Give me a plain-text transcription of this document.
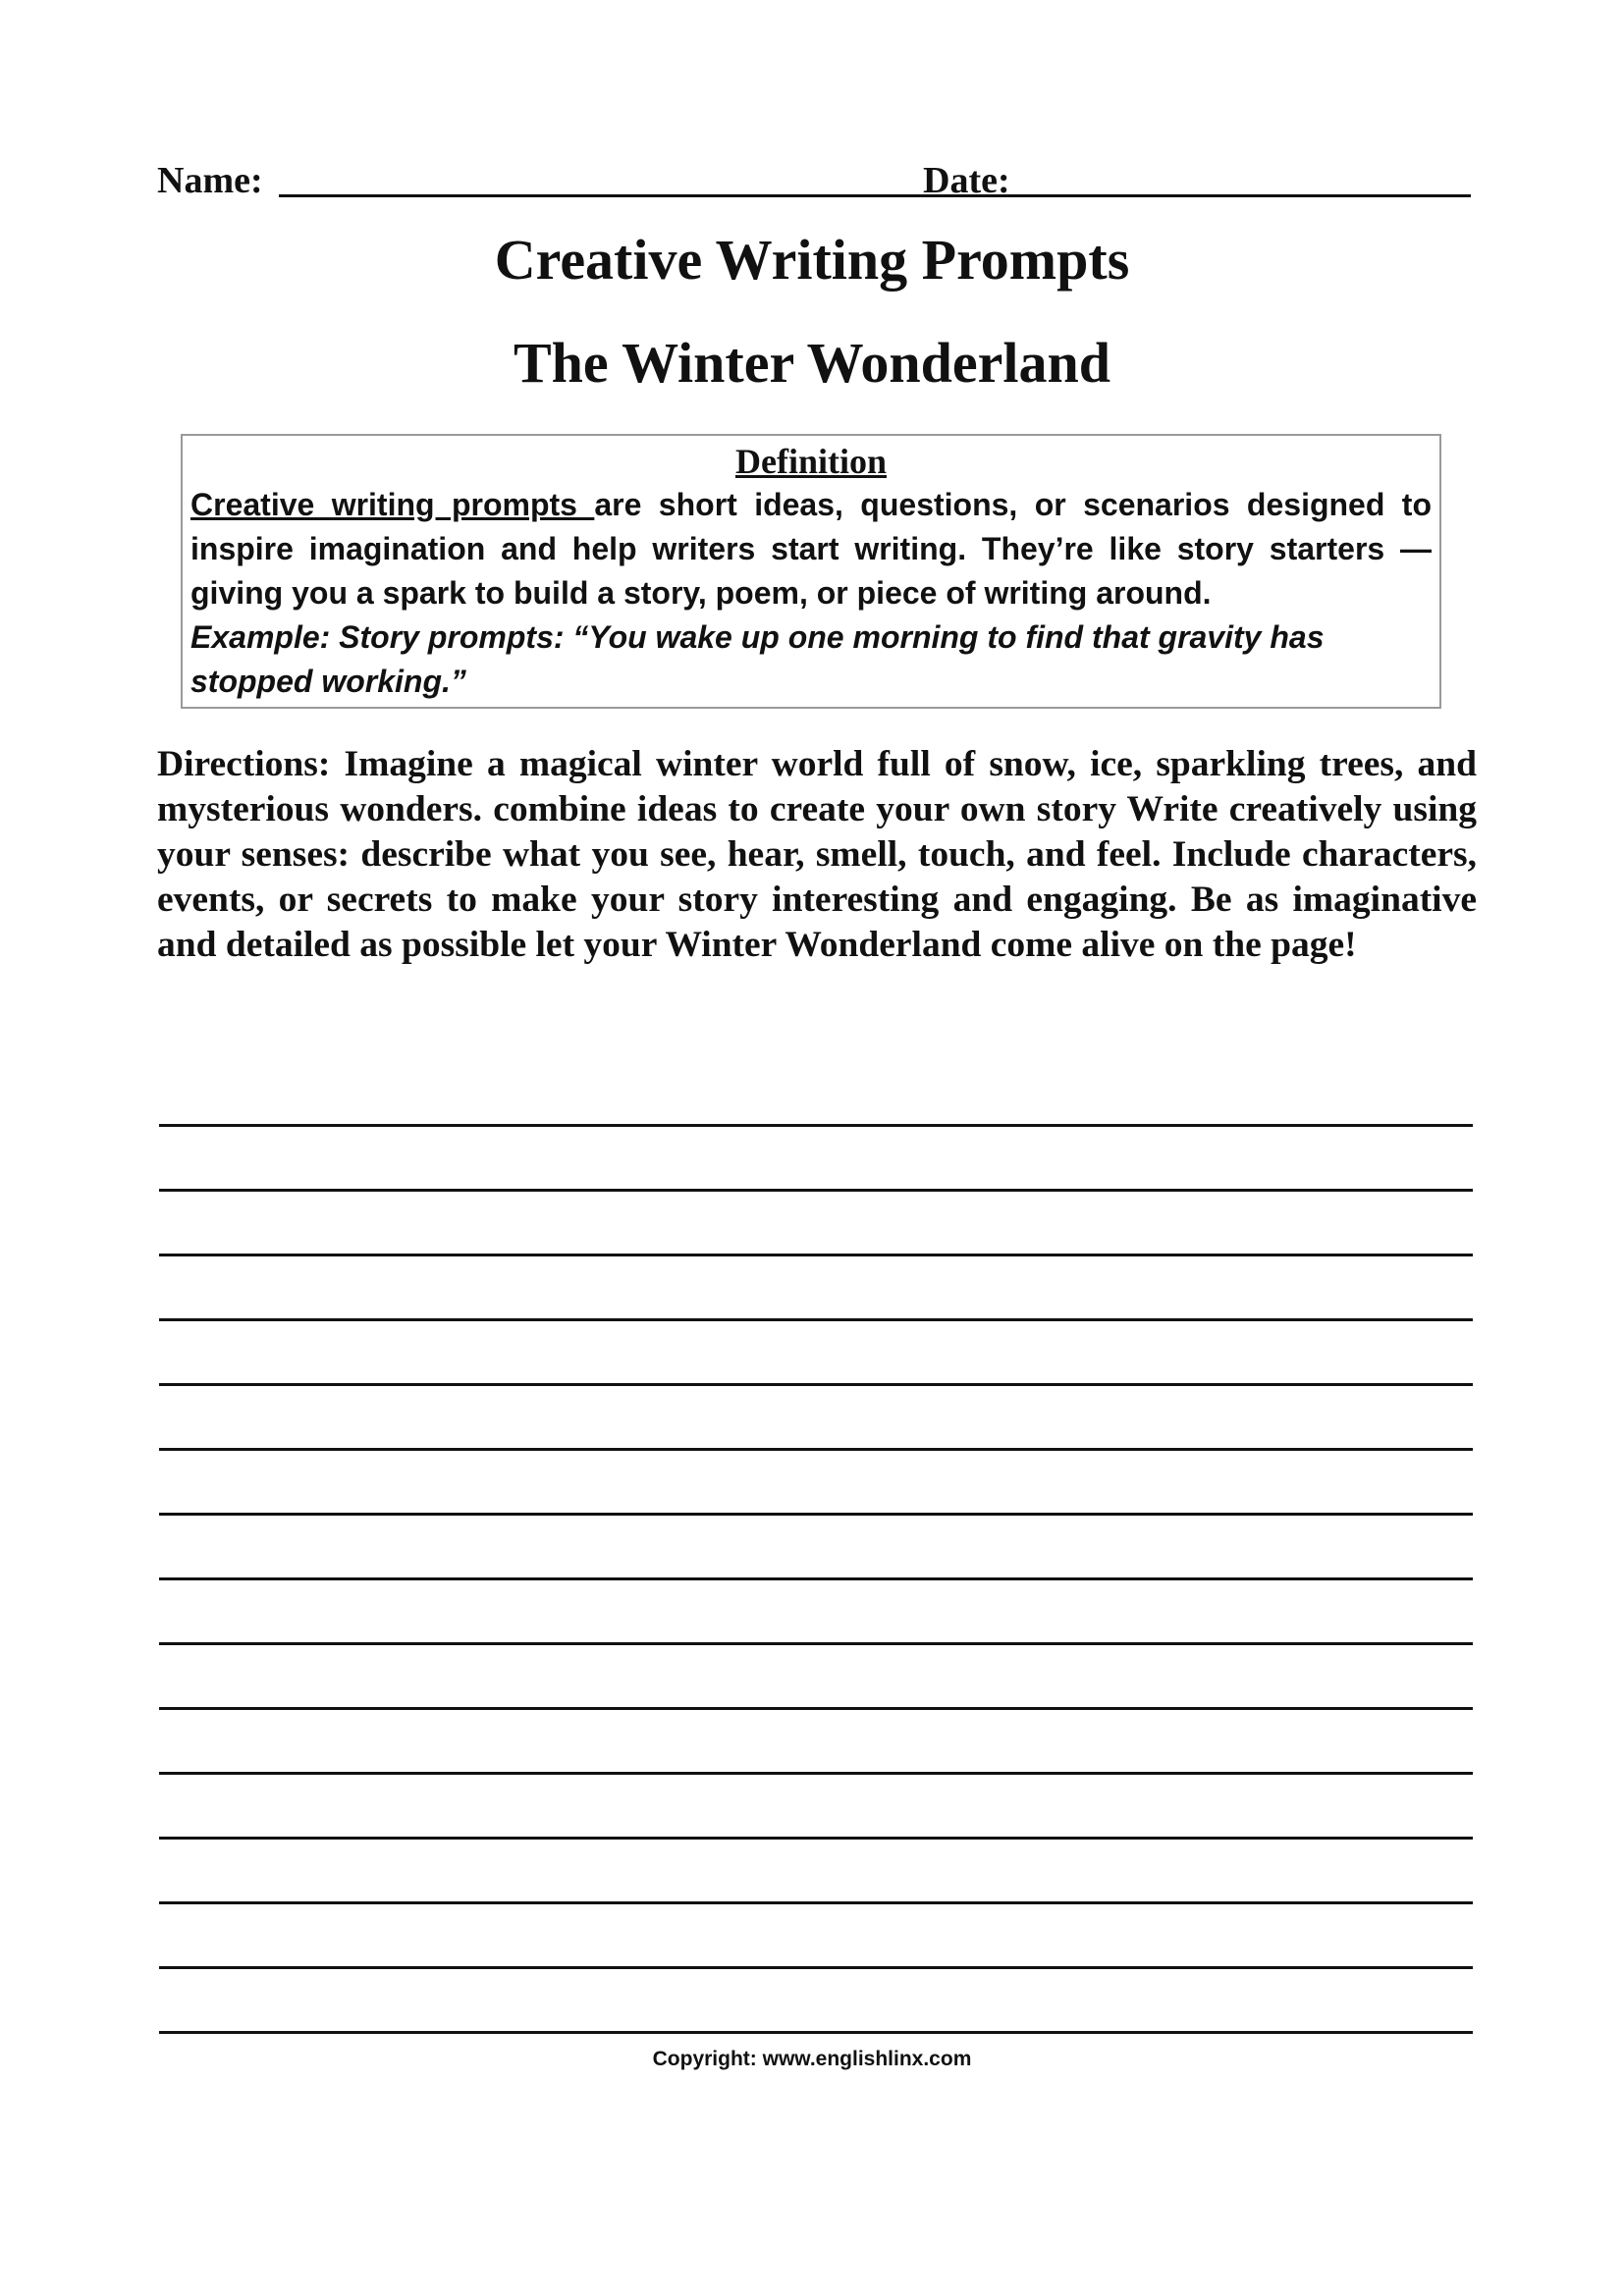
Name:	Date:
Creative Writing Prompts
The Winter Wonderland
Definition
Creative writing prompts are short ideas, questions, or scenarios designed to inspire imagination and help writers start writing. They’re like story starters — giving you a spark to build a story, poem, or piece of writing around.
Example: Story prompts: “You wake up one morning to find that gravity has stopped working.”

Directions: Imagine a magical winter world full of snow, ice, sparkling trees, and mysterious wonders. combine ideas to create your own story Write creatively using your senses: describe what you see, hear, smell, touch, and feel. Include characters, events, or secrets to make your story interesting and engaging. Be as imaginative and detailed as possible let your Winter Wonderland come alive on the page!

Copyright: www.englishlinx.com
